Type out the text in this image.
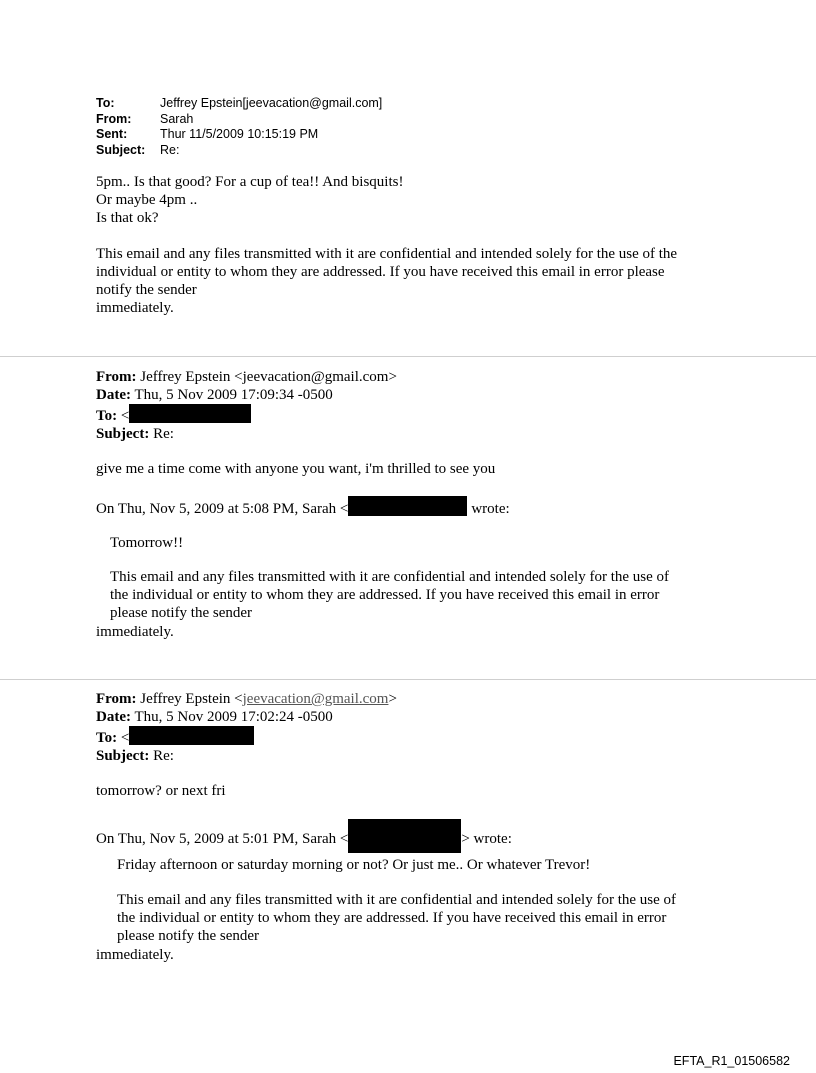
To:	Jeffrey Epstein[jeevacation@gmail.com]
From:	Sarah
Sent:	Thur 11/5/2009 10:15:19 PM
Subject:	Re:
5pm.. Is that good? For a cup of tea!! And bisquits!
Or maybe 4pm ..
Is that ok?
This email and any files transmitted with it are confidential and intended solely for the use of the
individual or entity to whom they are addressed. If you have received this email in error please
notify the sender
immediately.
From: Jeffrey Epstein <jeevacation@gmail.com>
Date: Thu, 5 Nov 2009 17:09:34 -0500
To: <
Subject: Re:
give me a time come with anyone you want, i'm thrilled to see you
On Thu, Nov 5, 2009 at 5:08 PM, Sarah <	wrote:
Tomorrow!!
This email and any files transmitted with it are confidential and intended solely for the use of
the individual or entity to whom they are addressed. If you have received this email in error
please notify the sender
immediately.
From: Jeffrey Epstein <jeevacation@gmail.com>
Date: Thu, 5 Nov 2009 17:02:24 -0500
To: <
Subject: Re:
tomorrow? or next fri
On Thu, Nov 5, 2009 at 5:01 PM, Sarah <	> wrote:
Friday afternoon or saturday morning or not? Or just me.. Or whatever Trevor!
This email and any files transmitted with it are confidential and intended solely for the use of
the individual or entity to whom they are addressed. If you have received this email in error
please notify the sender
immediately.
EFTA_R1_01506582
